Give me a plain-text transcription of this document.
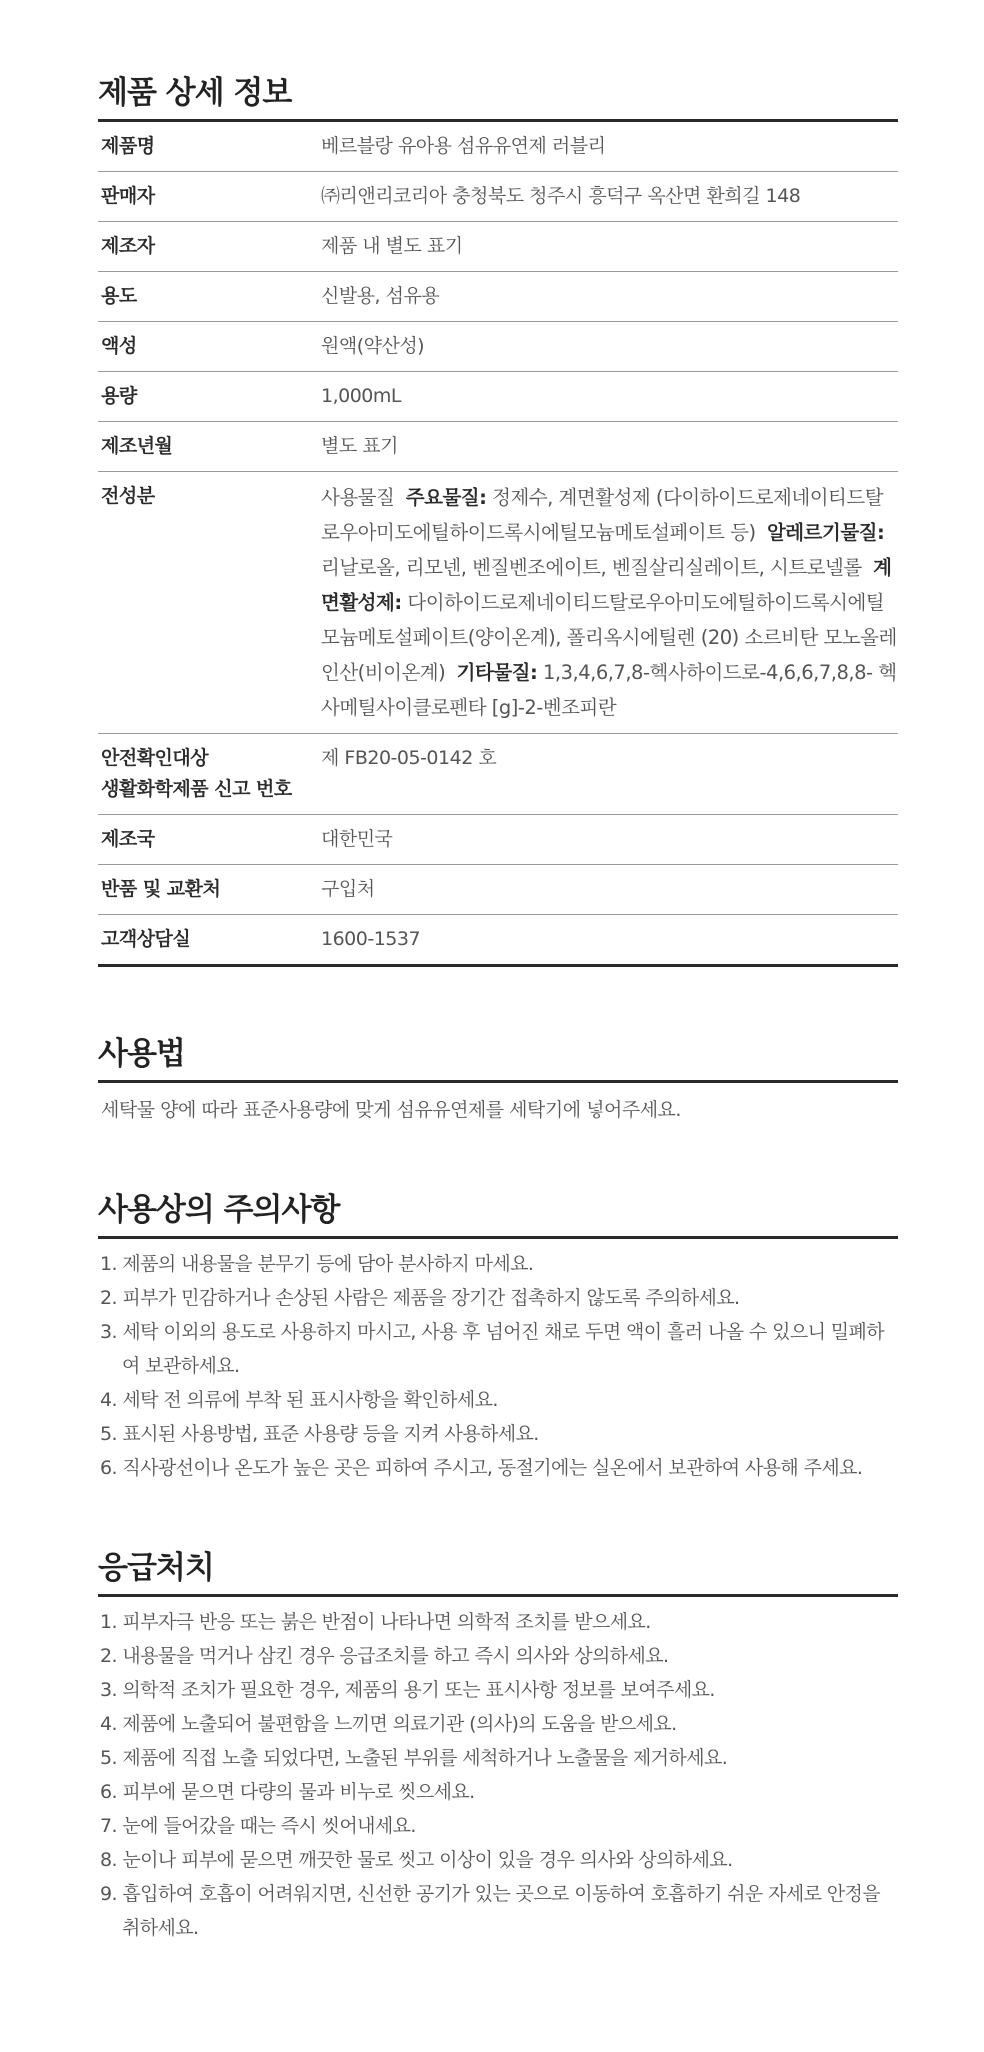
제품 상세 정보
제품명	베르블랑 유아용 섬유유연제 러블리
판매자	㈜리앤리코리아 충청북도 청주시 흥덕구 옥산면 환희길 148
제조자	제품 내 별도 표기
용도	신발용, 섬유용
액성	원액(약산성)
용량	1,000mL
제조년월	별도 표기
전성분	사용물질 주요물질: 정제수, 계면활성제 (다이하이드로제네이티드탈로우아미도에틸하이드록시에틸모늄메토설페이트 등) 알레르기물질: 리날로올, 리모넨, 벤질벤조에이트, 벤질살리실레이트, 시트로넬롤 계면활성제: 다이하이드로제네이티드탈로우아미도에틸하이드록시에틸모늄메토설페이트(양이온계), 폴리옥시에틸렌 (20) 소르비탄 모노올레인산(비이온계) 기타물질: 1,3,4,6,7,8-헥사하이드로-4,6,6,7,8,8- 헥사메틸사이클로펜타 [g]-2-벤조피란

안전확인대상
생활화학제품 신고 번호	제 FB20-05-0142 호
제조국	대한민국
반품 및 교환처	구입처
고객상담실	1600-1537
사용법

세탁물 양에 따라 표준사용량에 맞게 섬유유연제를 세탁기에 넣어주세요.

사용상의 주의사항
1. 제품의 내용물을 분무기 등에 담아 분사하지 마세요.
2. 피부가 민감하거나 손상된 사람은 제품을 장기간 접촉하지 않도록 주의하세요.
3. 세탁 이외의 용도로 사용하지 마시고, 사용 후 넘어진 채로 두면 액이 흘러 나올 수 있으니 밀폐하여 보관하세요.
4. 세탁 전 의류에 부착 된 표시사항을 확인하세요.
5. 표시된 사용방법, 표준 사용량 등을 지켜 사용하세요.
6. 직사광선이나 온도가 높은 곳은 피하여 주시고, 동절기에는 실온에서 보관하여 사용해 주세요.
응급처치
1. 피부자극 반응 또는 붉은 반점이 나타나면 의학적 조치를 받으세요.
2. 내용물을 먹거나 삼킨 경우 응급조치를 하고 즉시 의사와 상의하세요.
3. 의학적 조치가 필요한 경우, 제품의 용기 또는 표시사항 정보를 보여주세요.
4. 제품에 노출되어 불편함을 느끼면 의료기관 (의사)의 도움을 받으세요.
5. 제품에 직접 노출 되었다면, 노출된 부위를 세척하거나 노출물을 제거하세요.
6. 피부에 묻으면 다량의 물과 비누로 씻으세요.
7. 눈에 들어갔을 때는 즉시 씻어내세요.
8. 눈이나 피부에 묻으면 깨끗한 물로 씻고 이상이 있을 경우 의사와 상의하세요.
9. 흡입하여 호흡이 어려워지면, 신선한 공기가 있는 곳으로 이동하여 호흡하기 쉬운 자세로 안정을 취하세요.
